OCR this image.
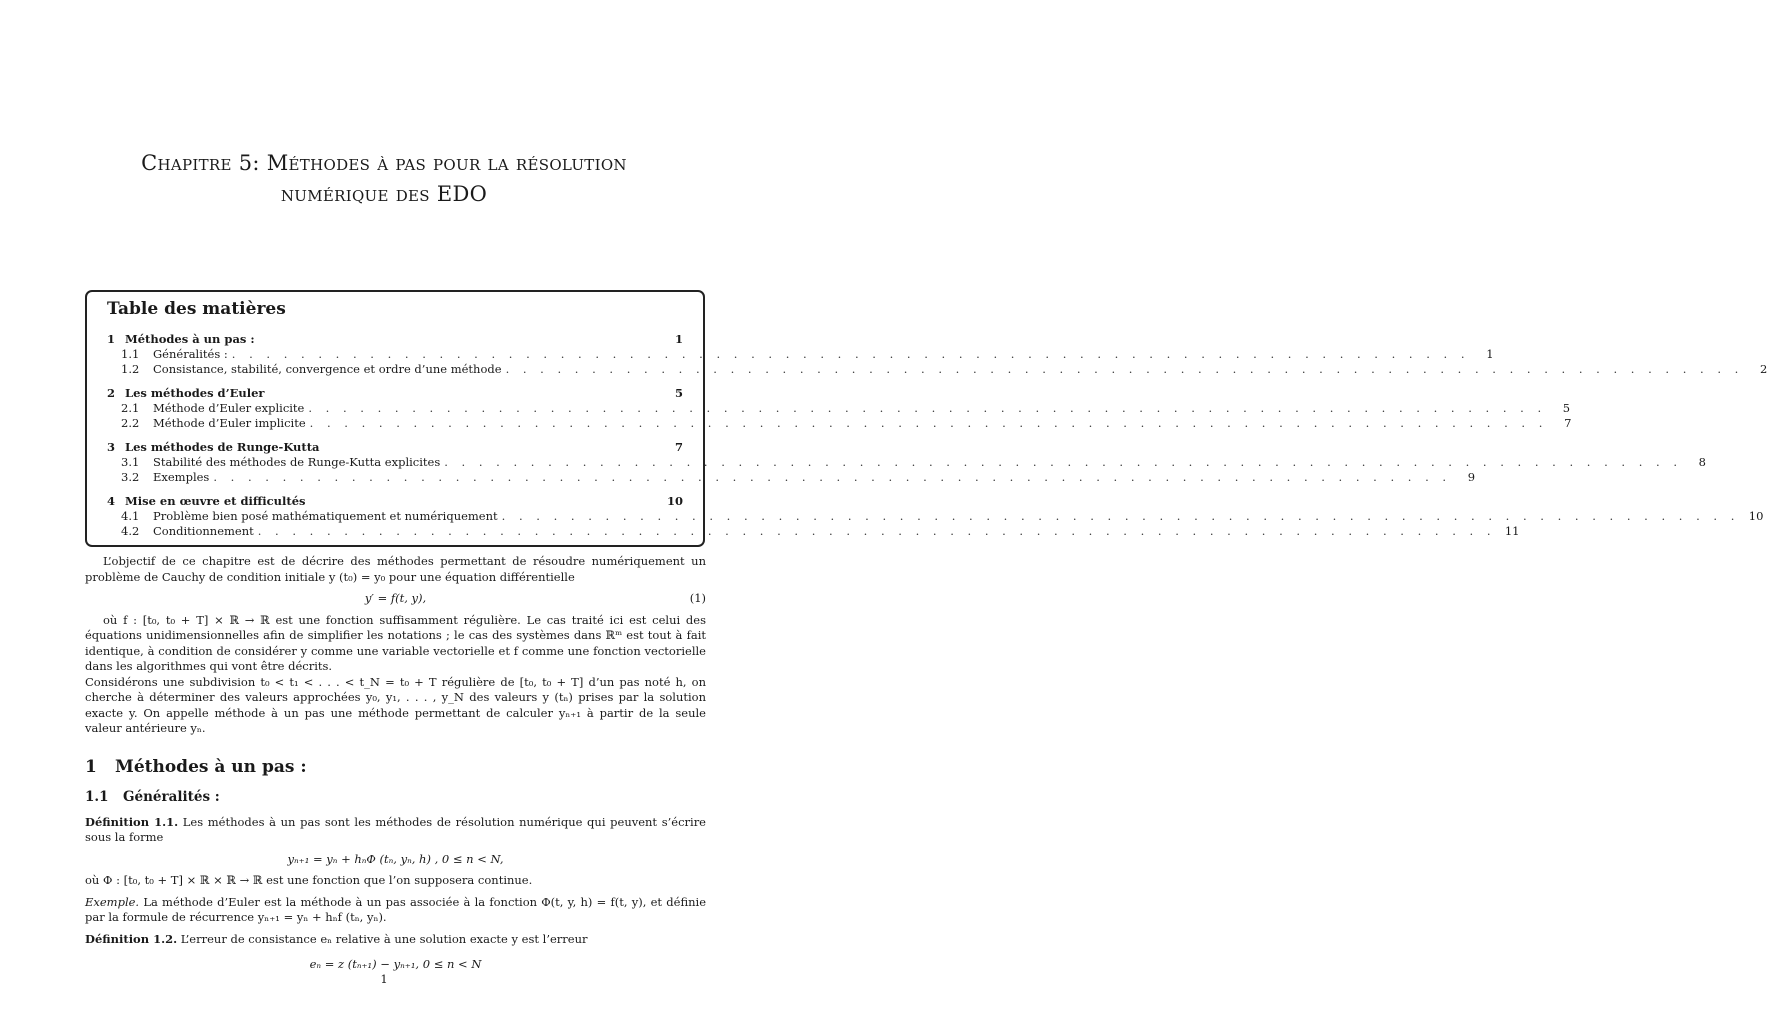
Chapitre 5: Méthodes à pas pour la résolution
numérique des EDO
Table des matières
1 Méthodes à un pas :	1
1.1	Généralités : . . . . . . . . . . . . . . . . . . . . . . . . . . . . . . . . . . . . . . . . . . . . . . . . . . . . . . . . . . . . . . . . . . . . . . . .	1
1.2	Consistance, stabilité, convergence et ordre d’une méthode . . . . . . . . . . . . . . . . . . . . . . . . . . . . . . . . . . . . . . . . . . . . . . . . . . . . . . . . . . . . . . . . . . . . . . . .	2
2 Les méthodes d’Euler	5
2.1	Méthode d’Euler explicite . . . . . . . . . . . . . . . . . . . . . . . . . . . . . . . . . . . . . . . . . . . . . . . . . . . . . . . . . . . . . . . . . . . . . . . .	5
2.2	Méthode d’Euler implicite . . . . . . . . . . . . . . . . . . . . . . . . . . . . . . . . . . . . . . . . . . . . . . . . . . . . . . . . . . . . . . . . . . . . . . . .	7
3 Les méthodes de Runge-Kutta	7
3.1	Stabilité des méthodes de Runge-Kutta explicites . . . . . . . . . . . . . . . . . . . . . . . . . . . . . . . . . . . . . . . . . . . . . . . . . . . . . . . . . . . . . . . . . . . . . . . .	8
3.2	Exemples . . . . . . . . . . . . . . . . . . . . . . . . . . . . . . . . . . . . . . . . . . . . . . . . . . . . . . . . . . . . . . . . . . . . . . . .	9
4 Mise en œuvre et difficultés	10
4.1	Problème bien posé mathématiquement et numériquement . . . . . . . . . . . . . . . . . . . . . . . . . . . . . . . . . . . . . . . . . . . . . . . . . . . . . . . . . . . . . . . . . . . . . . . . 10
4.2	Conditionnement . . . . . . . . . . . . . . . . . . . . . . . . . . . . . . . . . . . . . . . . . . . . . . . . . . . . . . . . . . . . . . . . . . . . . . . . 11

L’objectif de ce chapitre est de décrire des méthodes permettant de résoudre numériquement un problème de Cauchy de condition initiale y (t₀) = y₀ pour une équation différentielle

y′ = f(t, y),	(1)

où f : [t₀, t₀ + T] × ℝ → ℝ est une fonction suffisamment régulière. Le cas traité ici est celui des équations unidimensionnelles afin de simplifier les notations ; le cas des systèmes dans ℝᵐ est tout à fait identique, à condition de considérer y comme une variable vectorielle et f comme une fonction vectorielle dans les algorithmes qui vont être décrits.

Considérons une subdivision t₀ < t₁ < . . . < t_N = t₀ + T régulière de [t₀, t₀ + T] d’un pas noté h, on cherche à déterminer des valeurs approchées y₀, y₁, . . . , y_N des valeurs y (tₙ) prises par la solution exacte y. On appelle méthode à un pas une méthode permettant de calculer yₙ₊₁ à partir de la seule valeur antérieure yₙ.

1 Méthodes à un pas :
1.1 Généralités :

Définition 1.1. Les méthodes à un pas sont les méthodes de résolution numérique qui peuvent s’écrire sous la forme

yₙ₊₁ = yₙ + hₙΦ (tₙ, yₙ, h) , 0 ≤ n < N,

où Φ : [t₀, t₀ + T] × ℝ × ℝ → ℝ est une fonction que l’on supposera continue.

Exemple. La méthode d’Euler est la méthode à un pas associée à la fonction Φ(t, y, h) = f(t, y), et définie par la formule de récurrence yₙ₊₁ = yₙ + hₙf (tₙ, yₙ).

Définition 1.2. L’erreur de consistance eₙ relative à une solution exacte y est l’erreur

eₙ = z (tₙ₊₁) − yₙ₊₁, 0 ≤ n < N
1
